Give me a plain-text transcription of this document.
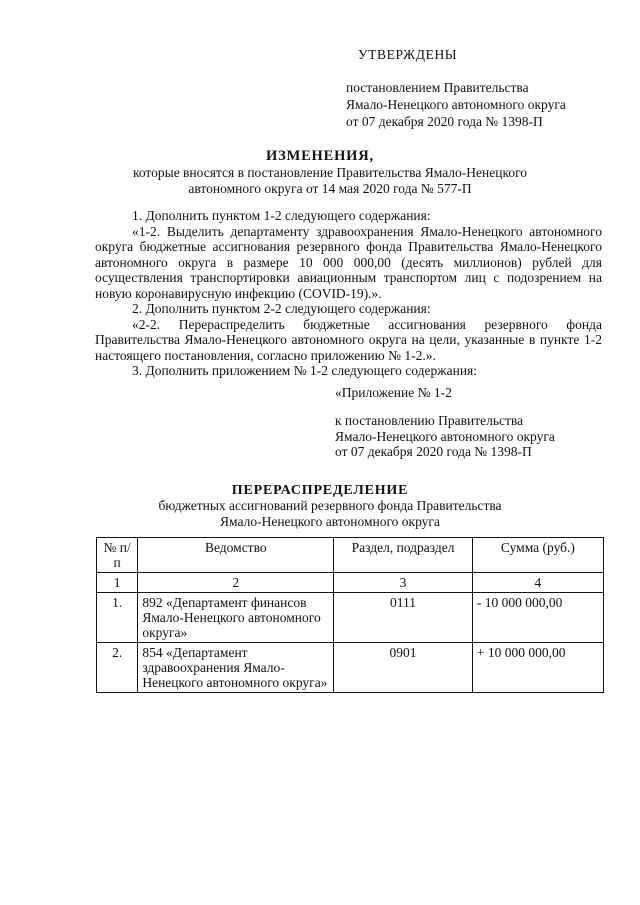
УТВЕРЖДЕНЫ
постановлением Правительства
Ямало-Ненецкого автономного округа
от 07 декабря 2020 года № 1398-П
ИЗМЕНЕНИЯ,
которые вносятся в постановление Правительства Ямало-Ненецкого
автономного округа от 14 мая 2020 года № 577-П

1. Дополнить пунктом 1-2 следующего содержания:

«1-2. Выделить департаменту здравоохранения Ямало-Ненецкого автономного округа бюджетные ассигнования резервного фонда Правительства Ямало-Ненецкого автономного округа в размере 10 000 000,00 (десять миллионов) рублей для осуществления транспортировки авиационным транспортом лиц с подозрением на новую коронавирусную инфекцию (COVID-19).».

2. Дополнить пунктом 2-2 следующего содержания:

«2-2. Перераспределить бюджетные ассигнования резервного фонда Правительства Ямало-Ненецкого автономного округа на цели, указанные в пункте 1-2 настоящего постановления, согласно приложению № 1-2.».

3. Дополнить приложением № 1-2 следующего содержания:

«Приложение № 1-2
к постановлению Правительства
Ямало-Ненецкого автономного округа
от 07 декабря 2020 года № 1398-П
ПЕРЕРАСПРЕДЕЛЕНИЕ
бюджетных ассигнований резервного фонда Правительства
Ямало-Ненецкого автономного округа
№ п/п	Ведомство	Раздел, подраздел	Сумма (руб.)
1	2	3	4
1.	892 «Департамент финансов Ямало-Ненецкого автономного округа»	0111	- 10 000 000,00
2.	854 «Департамент здравоохранения Ямало-Ненецкого автономного округа»	0901	+ 10 000 000,00
